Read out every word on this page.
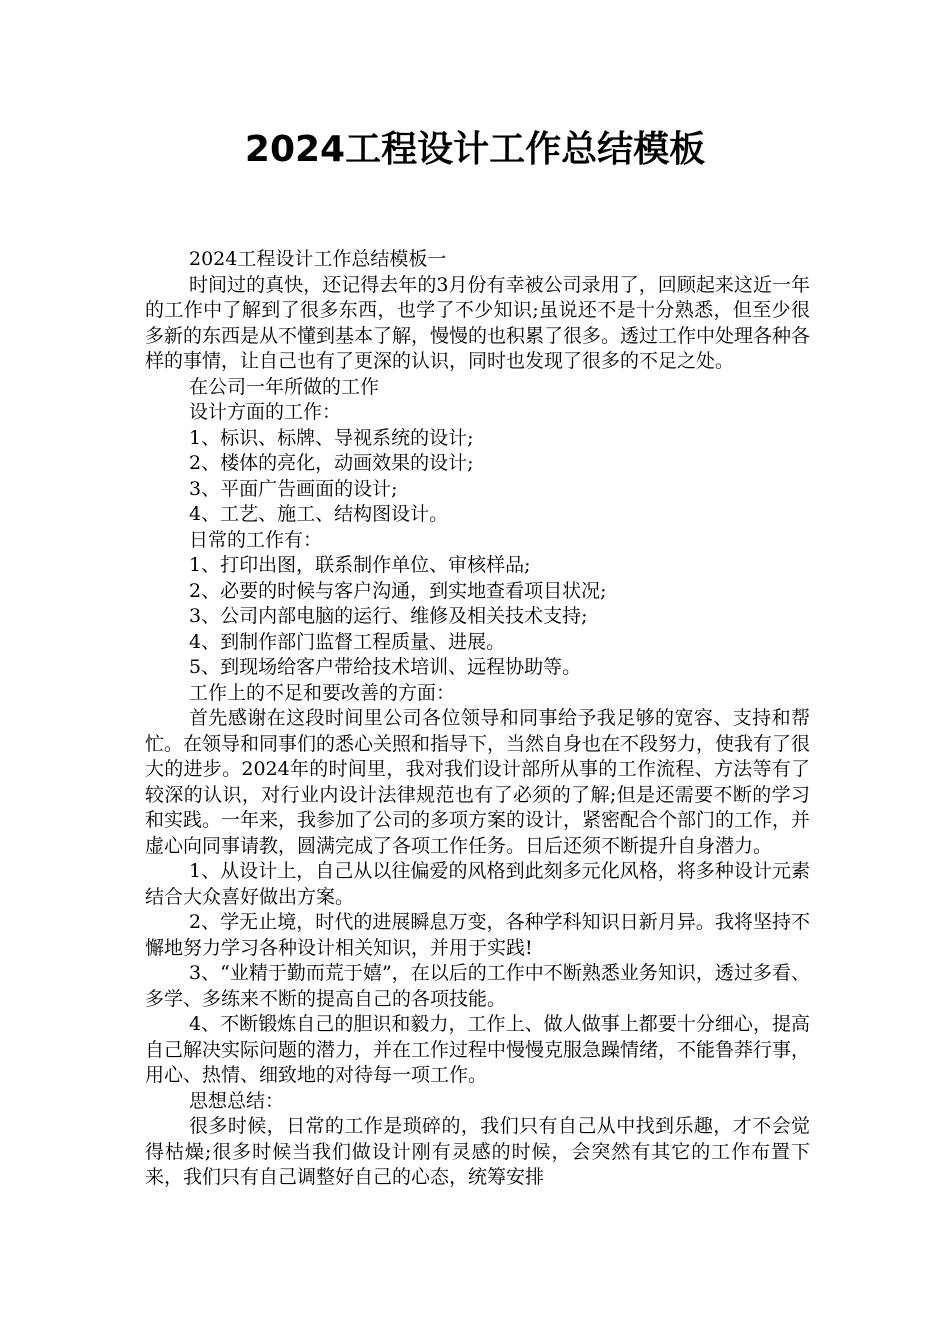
2024工程设计工作总结模板

2024工程设计工作总结模板一

时间过的真快，还记得去年的3月份有幸被公司录用了，回顾起来这近一年的工作中了解到了很多东西，也学了不少知识;虽说还不是十分熟悉，但至少很多新的东西是从不懂到基本了解，慢慢的也积累了很多。透过工作中处理各种各样的事情，让自己也有了更深的认识，同时也发现了很多的不足之处。

在公司一年所做的工作

设计方面的工作：

1、标识、标牌、导视系统的设计;

2、楼体的亮化，动画效果的设计;

3、平面广告画面的设计;

4、工艺、施工、结构图设计。

日常的工作有：

1、打印出图，联系制作单位、审核样品;

2、必要的时候与客户沟通，到实地查看项目状况;

3、公司内部电脑的运行、维修及相关技术支持;

4、到制作部门监督工程质量、进展。

5、到现场给客户带给技术培训、远程协助等。

工作上的不足和要改善的方面：

首先感谢在这段时间里公司各位领导和同事给予我足够的宽容、支持和帮忙。在领导和同事们的悉心关照和指导下，当然自身也在不段努力，使我有了很大的进步。2024年的时间里，我对我们设计部所从事的工作流程、方法等有了较深的认识，对行业内设计法律规范也有了必须的了解;但是还需要不断的学习和实践。一年来，我参加了公司的多项方案的设计，紧密配合个部门的工作，并虚心向同事请教，圆满完成了各项工作任务。日后还须不断提升自身潜力。

1、从设计上，自己从以往偏爱的风格到此刻多元化风格，将多种设计元素结合大众喜好做出方案。

2、学无止境，时代的进展瞬息万变，各种学科知识日新月异。我将坚持不懈地努力学习各种设计相关知识，并用于实践!

3、“业精于勤而荒于嬉”，在以后的工作中不断熟悉业务知识，透过多看、多学、多练来不断的提高自己的各项技能。

4、不断锻炼自己的胆识和毅力，工作上、做人做事上都要十分细心，提高自己解决实际问题的潜力，并在工作过程中慢慢克服急躁情绪，不能鲁莽行事，用心、热情、细致地的对待每一项工作。

思想总结：

很多时候，日常的工作是琐碎的，我们只有自己从中找到乐趣，才不会觉得枯燥;很多时候当我们做设计刚有灵感的时候，会突然有其它的工作布置下来，我们只有自己调整好自己的心态，统筹安排
